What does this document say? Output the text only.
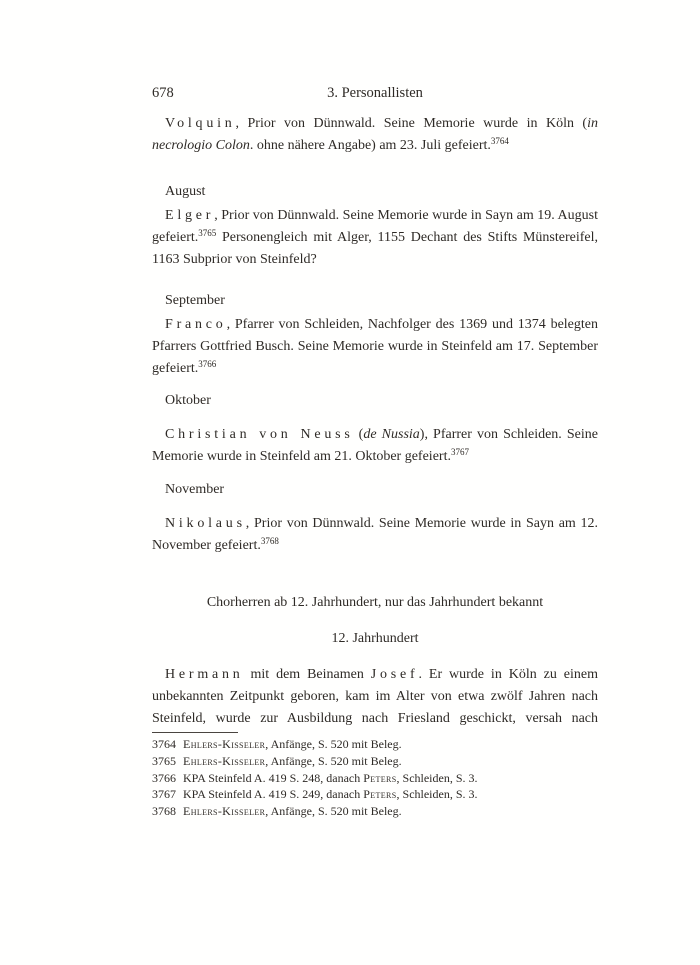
678	3. Personallisten

Volquin, Prior von Dünnwald. Seine Memorie wurde in Köln (in necrologio Colon. ohne nähere Angabe) am 23. Juli gefeiert.$^{3764}$

August

Elger, Prior von Dünnwald. Seine Memorie wurde in Sayn am 19. August gefeiert.$^{3765}$ Personengleich mit Alger, 1155 Dechant des Stifts Münstereifel, 1163 Subprior von Steinfeld?

September

Franco, Pfarrer von Schleiden, Nachfolger des 1369 und 1374 belegten Pfarrers Gottfried Busch. Seine Memorie wurde in Steinfeld am 17. September gefeiert.$^{3766}$

Oktober

Christian von Neuss (de Nussia), Pfarrer von Schleiden. Seine Memorie wurde in Steinfeld am 21. Oktober gefeiert.$^{3767}$

November

Nikolaus, Prior von Dünnwald. Seine Memorie wurde in Sayn am 12. November gefeiert.$^{3768}$

Chorherren ab 12. Jahrhundert, nur das Jahrhundert bekannt
12. Jahrhundert

Hermann mit dem Beinamen Josef. Er wurde in Köln zu einem unbekannten Zeitpunkt geboren, kam im Alter von etwa zwölf Jahren nach Steinfeld, wurde zur Ausbildung nach Friesland geschickt, versah nach

3764 Ehlers-Kisseler, Anfänge, S. 520 mit Beleg.
3765 Ehlers-Kisseler, Anfänge, S. 520 mit Beleg.
3766 KPA Steinfeld A. 419 S. 248, danach Peters, Schleiden, S. 3.
3767 KPA Steinfeld A. 419 S. 249, danach Peters, Schleiden, S. 3.
3768 Ehlers-Kisseler, Anfänge, S. 520 mit Beleg.
